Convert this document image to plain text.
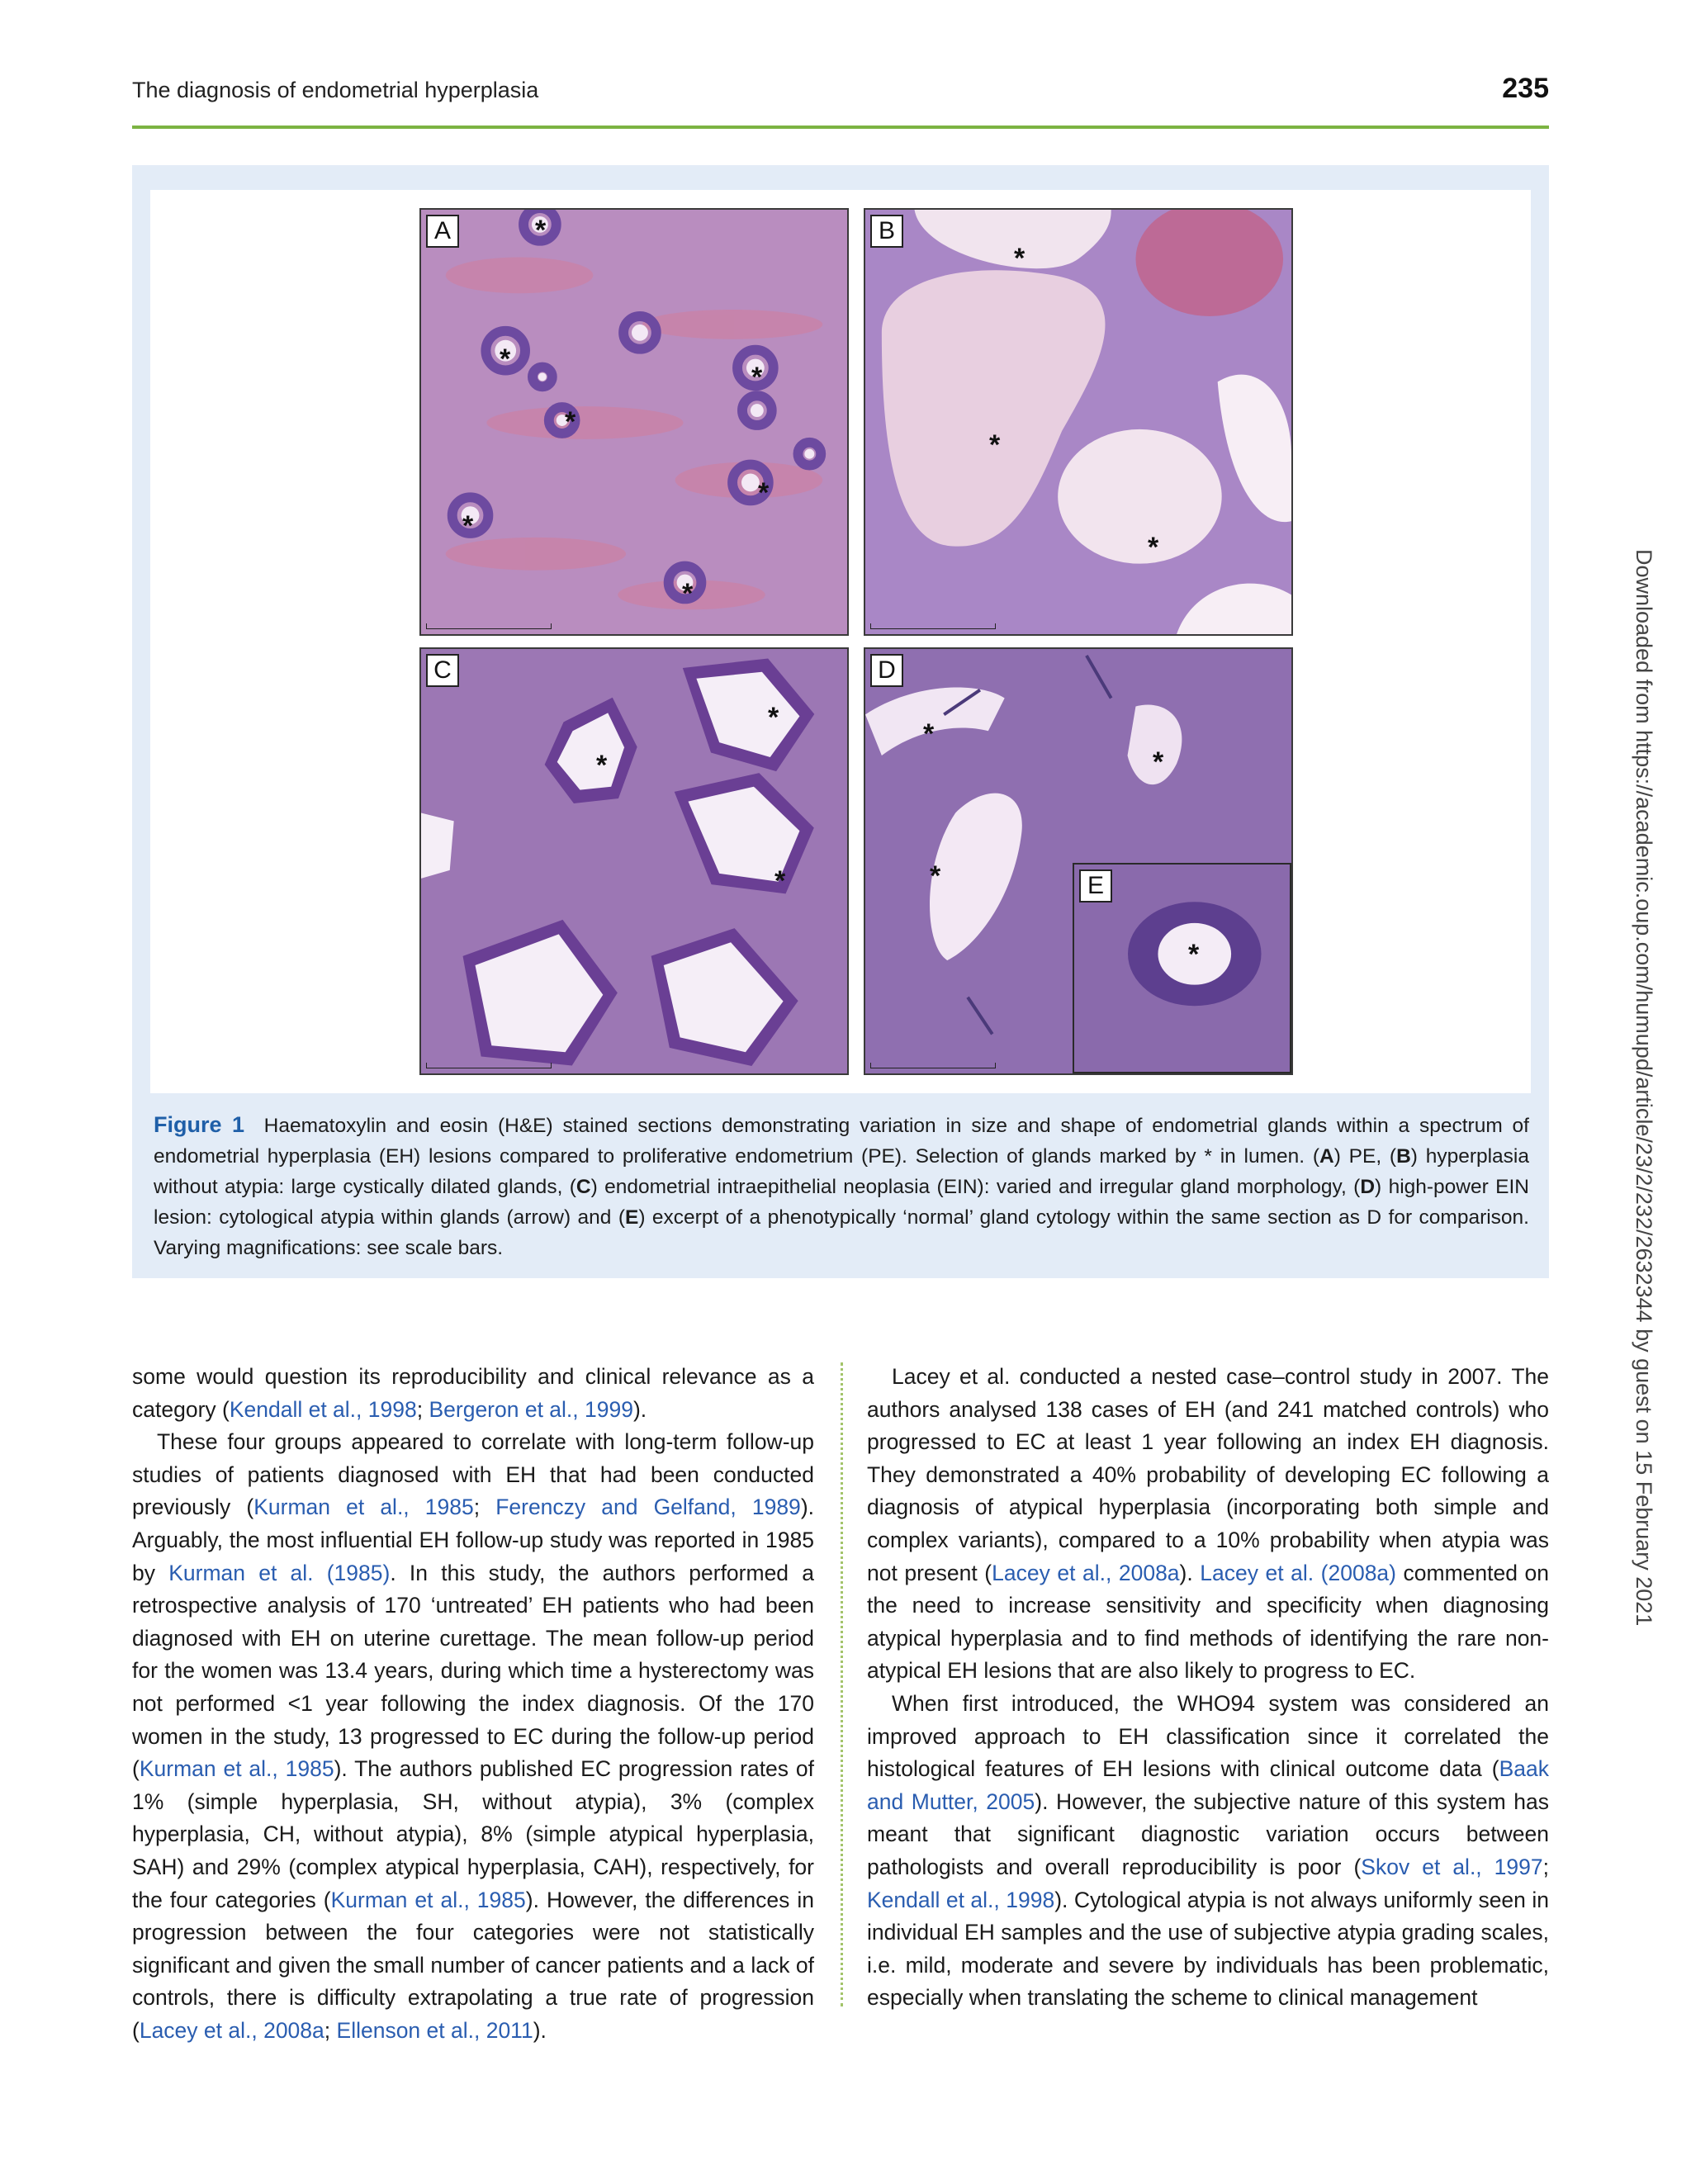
The diagnosis of endometrial hyperplasia	235
Downloaded from https://academic.oup.com/humupd/article/23/2/232/2632344 by guest on 15 February 2021
A	*
*
*
*
*
*
*
B
*
*
*
C
*
*
*
D
*
*
*	E
*
Figure 1 Haematoxylin and eosin (H&E) stained sections demonstrating variation in size and shape of endometrial glands within a spectrum of endometrial hyperplasia (EH) lesions compared to proliferative endometrium (PE). Selection of glands marked by * in lumen. (A) PE, (B) hyperplasia without atypia: large cystically dilated glands, (C) endometrial intraepithelial neoplasia (EIN): varied and irregular gland morphology, (D) high-power EIN lesion: cytological atypia within glands (arrow) and (E) excerpt of a phenotypically ‘normal’ gland cytology within the same section as D for comparison. Varying magnifications: see scale bars.

some would question its reproducibility and clinical relevance as a category (Kendall et al., 1998; Bergeron et al., 1999).

These four groups appeared to correlate with long-term follow-up studies of patients diagnosed with EH that had been conducted previously (Kurman et al., 1985; Ferenczy and Gelfand, 1989). Arguably, the most influential EH follow-up study was reported in 1985 by Kurman et al. (1985). In this study, the authors performed a retrospective analysis of 170 ‘untreated’ EH patients who had been diagnosed with EH on uterine curettage. The mean follow-up period for the women was 13.4 years, during which time a hysterectomy was not performed <1 year following the index diagnosis. Of the 170 women in the study, 13 progressed to EC during the follow-up period (Kurman et al., 1985). The authors published EC progression rates of 1% (simple hyperplasia, SH, without atypia), 3% (complex hyperplasia, CH, without atypia), 8% (simple atypical hyperplasia, SAH) and 29% (complex atypical hyperplasia, CAH), respectively, for the four categories (Kurman et al., 1985). However, the differences in progression between the four categories were not statistically significant and given the small number of cancer patients and a lack of controls, there is difficulty extrapolating a true rate of progression (Lacey et al., 2008a; Ellenson et al., 2011).

Lacey et al. conducted a nested case–control study in 2007. The authors analysed 138 cases of EH (and 241 matched controls) who progressed to EC at least 1 year following an index EH diagnosis. They demonstrated a 40% probability of developing EC following a diagnosis of atypical hyperplasia (incorporating both simple and complex variants), compared to a 10% probability when atypia was not present (Lacey et al., 2008a). Lacey et al. (2008a) commented on the need to increase sensitivity and specificity when diagnosing atypical hyperplasia and to find methods of identifying the rare non-atypical EH lesions that are also likely to progress to EC.

When first introduced, the WHO94 system was considered an improved approach to EH classification since it correlated the histological features of EH lesions with clinical outcome data (Baak and Mutter, 2005). However, the subjective nature of this system has meant that significant diagnostic variation occurs between pathologists and overall reproducibility is poor (Skov et al., 1997; Kendall et al., 1998). Cytological atypia is not always uniformly seen in individual EH samples and the use of subjective atypia grading scales, i.e. mild, moderate and severe by individuals has been problematic, especially when translating the scheme to clinical management
